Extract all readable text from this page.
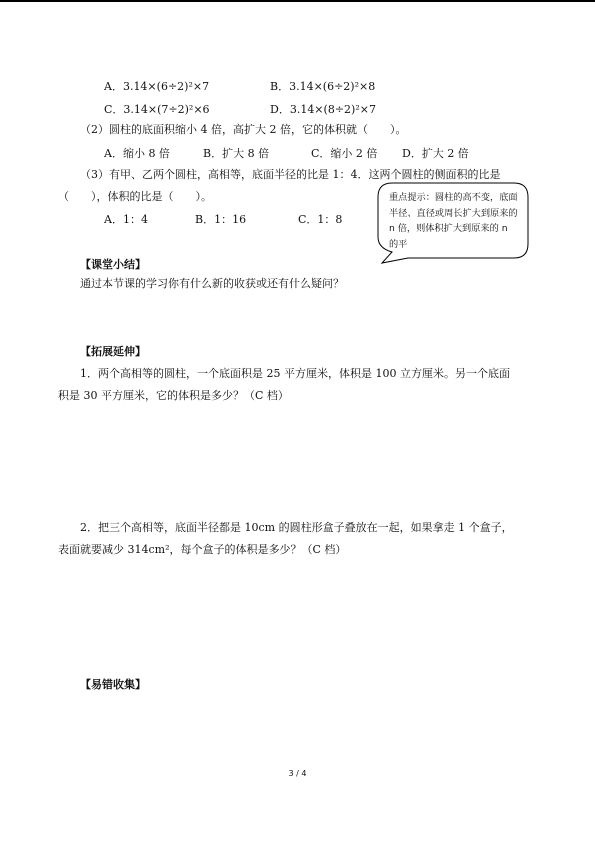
A．3.14×(6÷2)²×7	B．3.14×(6÷2)²×8
C．3.14×(7÷2)²×6	D．3.14×(8÷2)²×7
（2）圆柱的底面积缩小 4 倍，高扩大 2 倍，它的体积就（　　）。
A．缩小 8 倍	B．扩大 8 倍	C．缩小 2 倍 D．扩大 2 倍
（3）有甲、乙两个圆柱，高相等，底面半径的比是 1：4．这两个圆柱的侧面积的比是
（　　），体积的比是（　　）。
A．1：4	B．1：16	C．1：8
重点提示：圆柱的高不变，底面半径、直径或周长扩大到原来的 n 倍，则体积扩大到原来的 n 的平
【课堂小结】
通过本节课的学习你有什么新的收获或还有什么疑问？
【拓展延伸】
1．两个高相等的圆柱，一个底面积是 25 平方厘米，体积是 100 立方厘米。另一个底面
积是 30 平方厘米，它的体积是多少？（C 档）
2．把三个高相等，底面半径都是 10cm 的圆柱形盒子叠放在一起，如果拿走 1 个盒子，
表面就要减少 314cm²，每个盒子的体积是多少？（C 档）
【易错收集】
3 / 4
